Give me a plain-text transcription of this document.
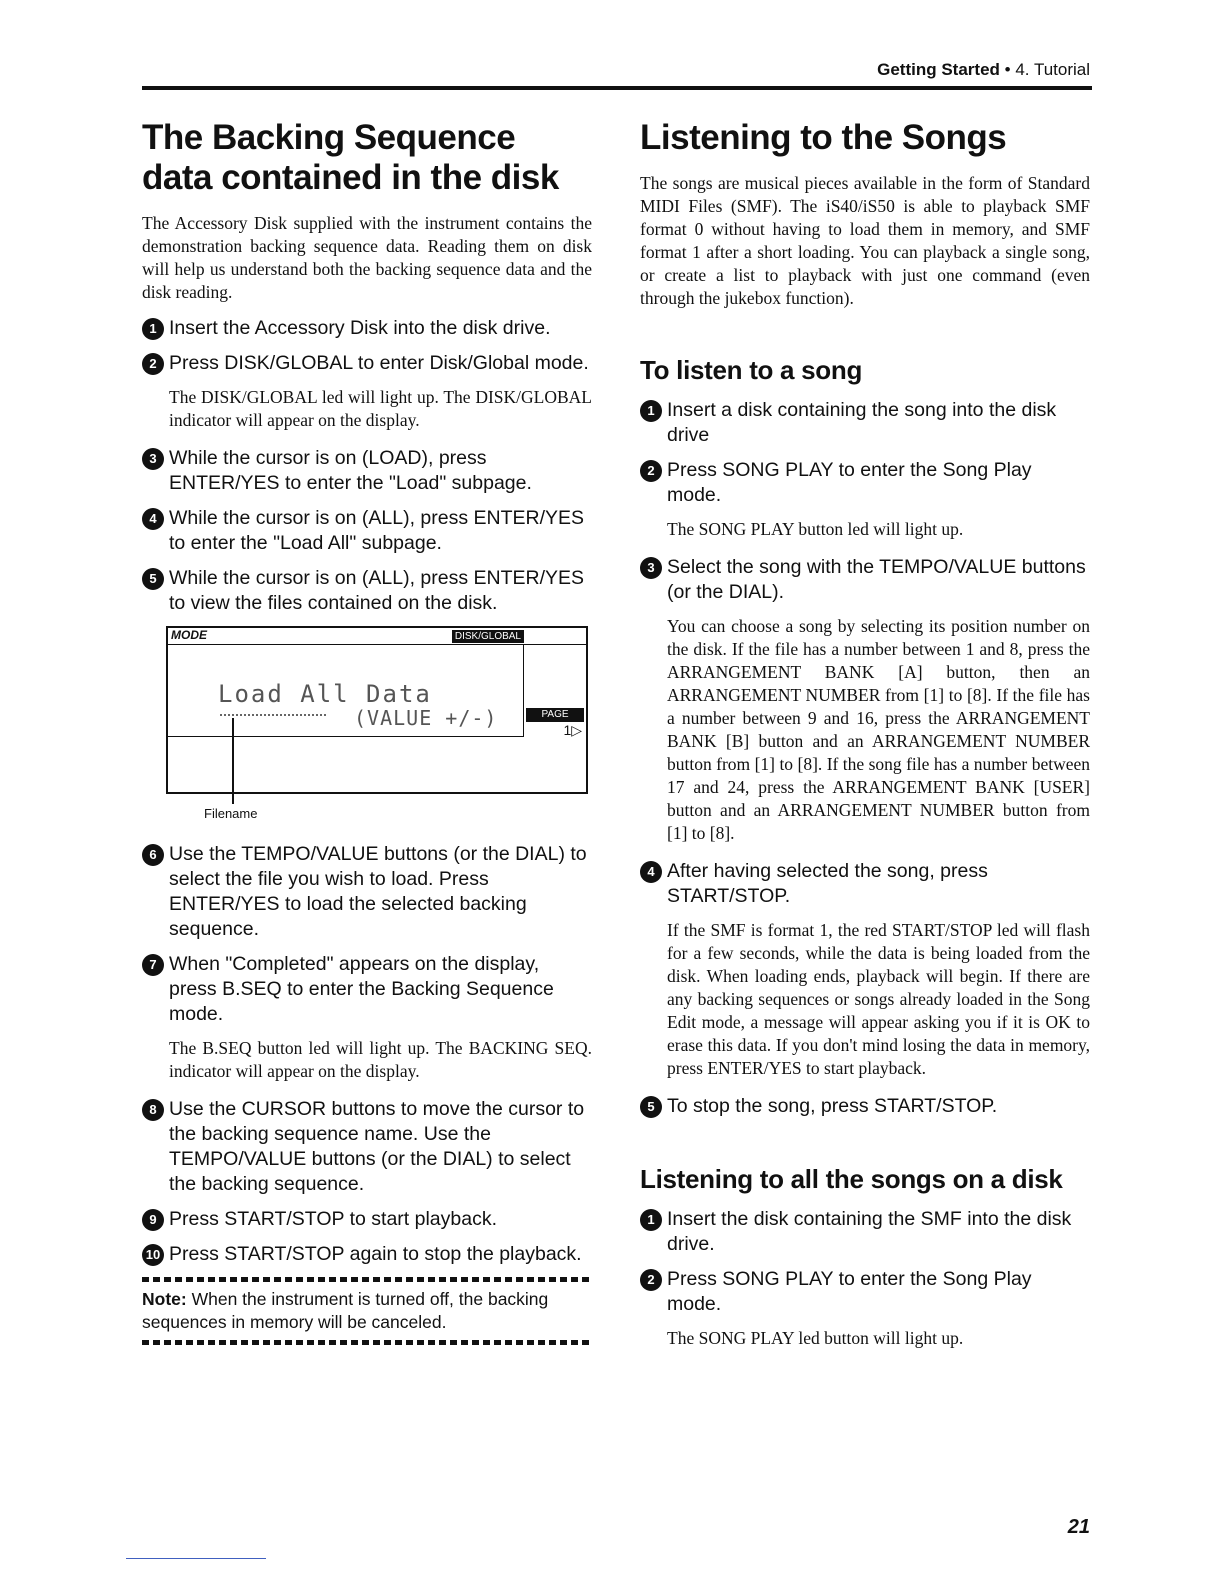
Getting Started • 4. Tutorial
The Backing Sequence data contained in the disk

The Accessory Disk supplied with the instrument contains the demonstration backing sequence data. Reading them on disk will help us understand both the backing sequence data and the disk reading.

1 Insert the Accessory Disk into the disk drive.
2 Press DISK/GLOBAL to enter Disk/Global mode.
The DISK/GLOBAL led will light up. The DISK/GLOBAL indicator will appear on the display.
3 While the cursor is on (LOAD), press ENTER/YES to enter the "Load" subpage.
4 While the cursor is on (ALL), press ENTER/YES to enter the "Load All" subpage.
5 While the cursor is on (ALL), press ENTER/YES to view the files contained on the disk.
MODE	DISK/GLOBAL
Load All Data
(VALUE +/-)	PAGE
1▷
Filename
6 Use the TEMPO/VALUE buttons (or the DIAL) to select the file you wish to load. Press ENTER/YES to load the selected backing sequence.
7 When "Completed" appears on the display, press B.SEQ to enter the Backing Sequence mode.
The B.SEQ button led will light up. The BACKING SEQ. indicator will appear on the display.
8 Use the CURSOR buttons to move the cursor to the backing sequence name. Use the TEMPO/VALUE buttons (or the DIAL) to select the backing sequence.
9 Press START/STOP to start playback.
10 Press START/STOP again to stop the playback.
Note: When the instrument is turned off, the backing sequences in memory will be canceled.
Listening to the Songs

The songs are musical pieces available in the form of Standard MIDI Files (SMF). The iS40/iS50 is able to playback SMF format 0 without having to load them in memory, and SMF format 1 after a short loading. You can playback a single song, or create a list to playback with just one command (even through the jukebox function).

To listen to a song
1 Insert a disk containing the song into the disk drive
2 Press SONG PLAY to enter the Song Play mode.
The SONG PLAY button led will light up.
3 Select the song with the TEMPO/VALUE buttons (or the DIAL).
You can choose a song by selecting its position number on the disk. If the file has a number between 1 and 8, press the ARRANGEMENT BANK [A] button, then an ARRANGEMENT NUMBER from [1] to [8]. If the file has a number between 9 and 16, press the ARRANGEMENT BANK [B] button and an ARRANGEMENT NUMBER button from [1] to [8]. If the song file has a number between 17 and 24, press the ARRANGEMENT BANK [USER] button and an ARRANGEMENT NUMBER button from [1] to [8].
4 After having selected the song, press START/STOP.
If the SMF is format 1, the red START/STOP led will flash for a few seconds, while the data is being loaded from the disk. When loading ends, playback will begin. If there are any backing sequences or songs already loaded in the Song Edit mode, a message will appear asking you if it is OK to erase this data. If you don't mind losing the data in memory, press ENTER/YES to start playback.
5 To stop the song, press START/STOP.
Listening to all the songs on a disk
1 Insert the disk containing the SMF into the disk drive.
2 Press SONG PLAY to enter the Song Play mode.
The SONG PLAY led button will light up.
21
